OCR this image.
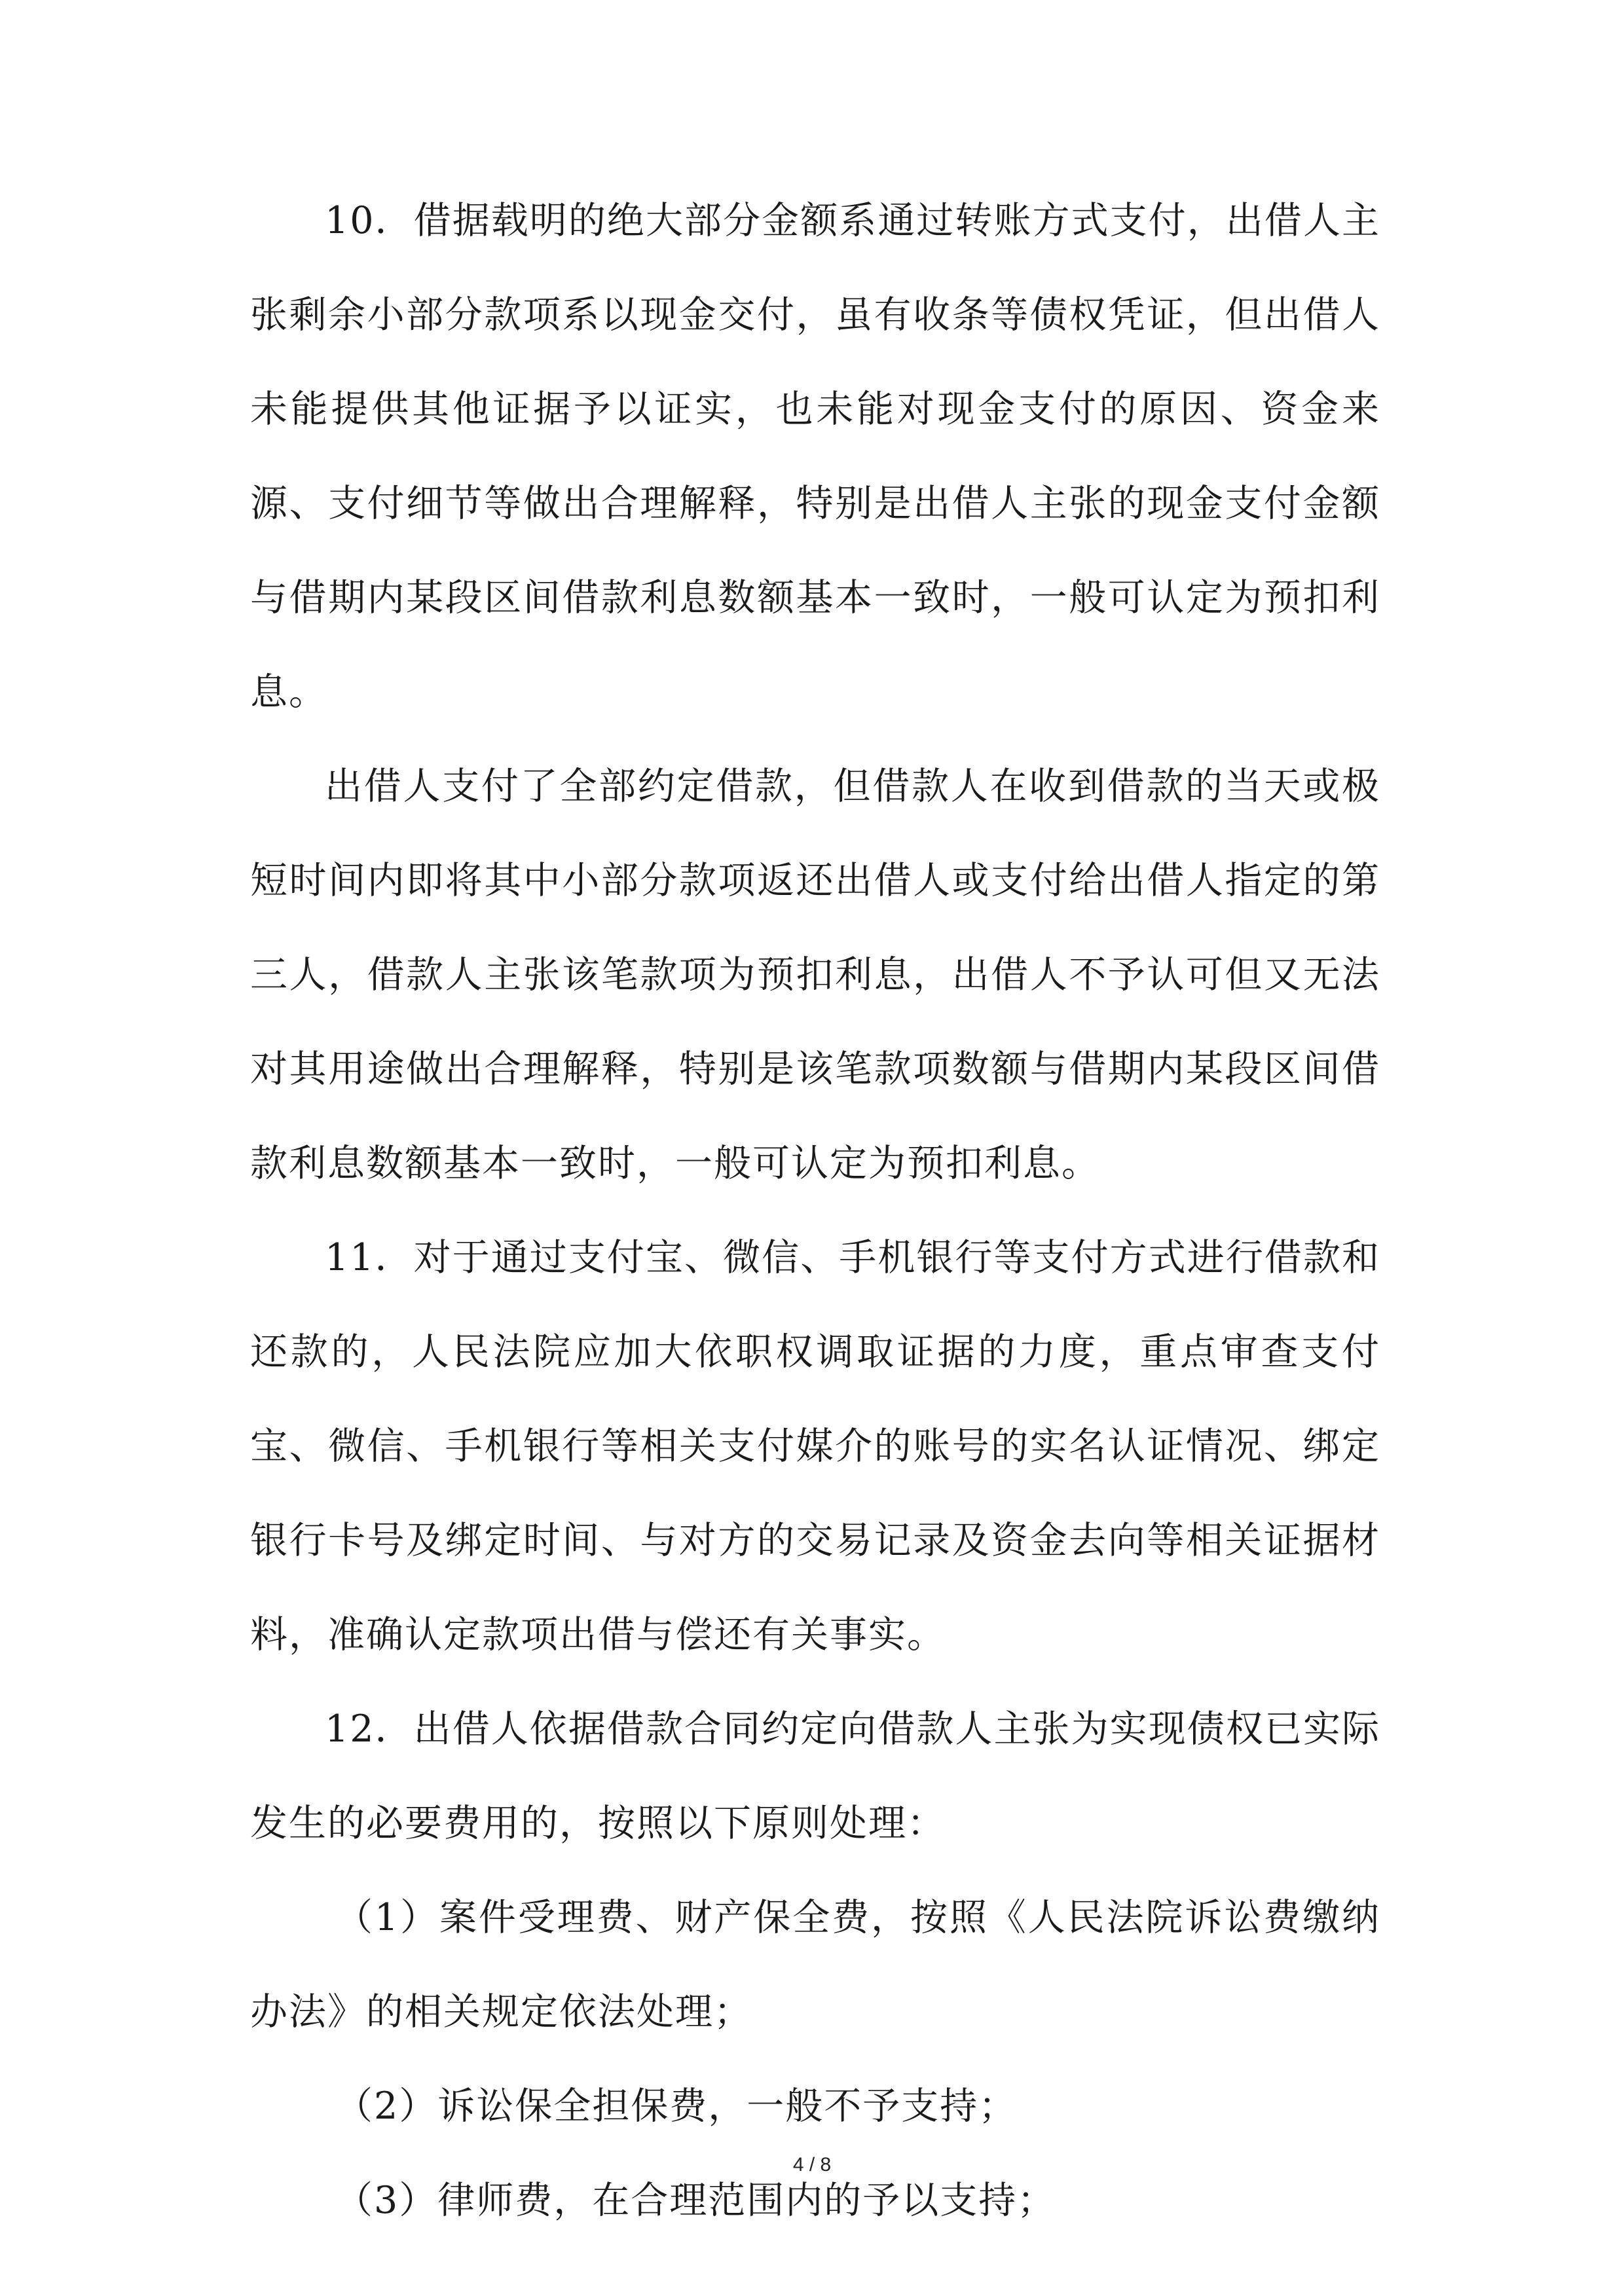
10．借据载明的绝大部分金额系通过转账方式支付，出借人主张剩余小部分款项系以现金交付，虽有收条等债权凭证，但出借人未能提供其他证据予以证实，也未能对现金支付的原因、资金来源、支付细节等做出合理解释，特别是出借人主张的现金支付金额与借期内某段区间借款利息数额基本一致时，一般可认定为预扣利息。

出借人支付了全部约定借款，但借款人在收到借款的当天或极短时间内即将其中小部分款项返还出借人或支付给出借人指定的第三人，借款人主张该笔款项为预扣利息，出借人不予认可但又无法对其用途做出合理解释，特别是该笔款项数额与借期内某段区间借款利息数额基本一致时，一般可认定为预扣利息。

11．对于通过支付宝、微信、手机银行等支付方式进行借款和还款的，人民法院应加大依职权调取证据的力度，重点审查支付宝、微信、手机银行等相关支付媒介的账号的实名认证情况、绑定银行卡号及绑定时间、与对方的交易记录及资金去向等相关证据材料，准确认定款项出借与偿还有关事实。

12．出借人依据借款合同约定向借款人主张为实现债权已实际发生的必要费用的，按照以下原则处理：

（1）案件受理费、财产保全费，按照《人民法院诉讼费缴纳办法》的相关规定依法处理；

（2）诉讼保全担保费，一般不予支持；

（3）律师费，在合理范围内的予以支持；

4 / 8
